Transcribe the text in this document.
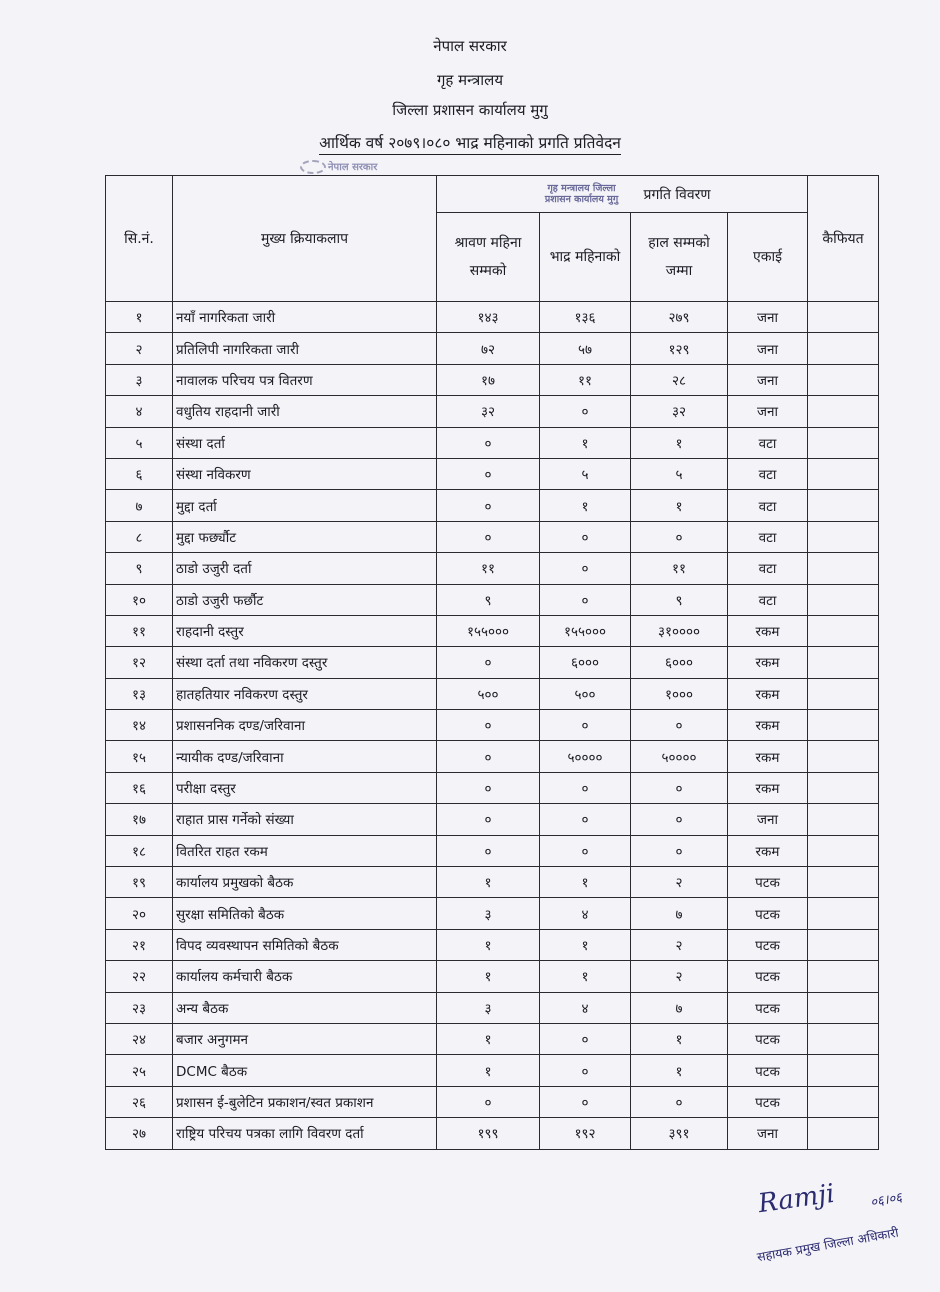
नेपाल सरकार
गृह मन्त्रालय
जिल्ला प्रशासन कार्यालय मुगु
आर्थिक वर्ष २०७९।०८० भाद्र महिनाको प्रगति प्रतिवेदन
नेपाल सरकार
सि.नं.	मुख्य क्रियाकलाप	गृह मन्त्रालय जिल्ला प्रशासन कार्यालय मुगु प्रगति विवरण				कैफियत
		श्रावण महिना सम्मको	भाद्र महिनाको	हाल सम्मको जम्मा	एकाई	
१	नयाँ नागरिकता जारी	१४३	१३६	२७९	जना	
२	प्रतिलिपी नागरिकता जारी	७२	५७	१२९	जना	
३	नावालक परिचय पत्र वितरण	१७	११	२८	जना	
४	वधुतिय राहदानी जारी	३२	०	३२	जना	
५	संस्था दर्ता	०	१	१	वटा	
६	संस्था नविकरण	०	५	५	वटा	
७	मुद्दा दर्ता	०	१	१	वटा	
८	मुद्दा फर्छ्यौट	०	०	०	वटा	
९	ठाडो उजुरी दर्ता	११	०	११	वटा	
१०	ठाडो उजुरी फर्छौट	९	०	९	वटा	
११	राहदानी दस्तुर	१५५०००	१५५०००	३१००००	रकम	
१२	संस्था दर्ता तथा नविकरण दस्तुर	०	६०००	६०००	रकम	
१३	हातहतियार नविकरण दस्तुर	५००	५००	१०००	रकम	
१४	प्रशासननिक दण्ड/जरिवाना	०	०	०	रकम	
१५	न्यायीक दण्ड/जरिवाना	०	५००००	५००००	रकम	
१६	परीक्षा दस्तुर	०	०	०	रकम	
१७	राहात प्रास गर्नेको संख्या	०	०	०	जना	
१८	वितरित राहत रकम	०	०	०	रकम	
१९	कार्यालय प्रमुखको बैठक	१	१	२	पटक	
२०	सुरक्षा समितिको बैठक	३	४	७	पटक	
२१	विपद व्यवस्थापन समितिको बैठक	१	१	२	पटक	
२२	कार्यालय कर्मचारी बैठक	१	१	२	पटक	
२३	अन्य बैठक	३	४	७	पटक	
२४	बजार अनुगमन	१	०	१	पटक	
२५	DCMC बैठक	१	०	१	पटक	
२६	प्रशासन ई-बुलेटिन प्रकाशन/स्वत प्रकाशन	०	०	०	पटक	
२७	राष्ट्रिय परिचय पत्रका लागि विवरण दर्ता	१९९	१९२	३९१	जना	
Ramji	०६।०६
सहायक प्रमुख जिल्ला अधिकारी
